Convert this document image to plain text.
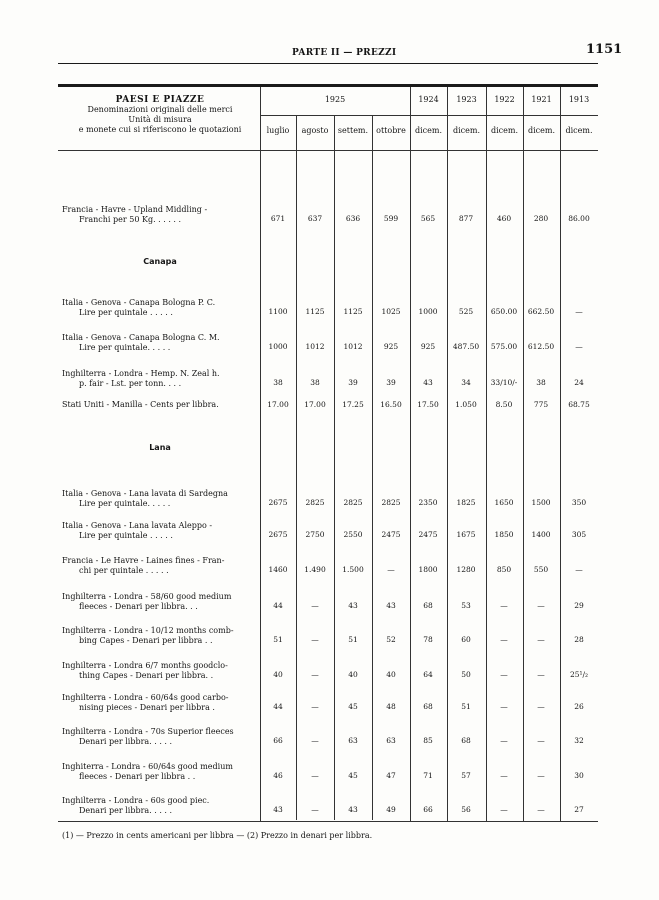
PARTE II — PREZZI	1151
PAESI E PIAZZE
Denominazioni originali delle merci
Unità di misura
e monete cui si riferiscono le quotazioni
1925	1924	1923	1922	1921	1913
luglio	agosto	settem.	ottobre	dicem.	dicem.	dicem.	dicem.	dicem.
Francia - Havre - Upland Middling -
Franchi per 50 Kg. . . . . .	671	637	636	599	565	877	460	280	86.00
Canapa
Italia - Genova - Canapa Bologna P. C.
Lire per quintale . . . . .	1100	1125	1125	1025	1000	525	650.00	662.50	—
Italia - Genova - Canapa Bologna C. M.
Lire per quintale. . . . .	1000	1012	1012	925	925	487.50	575.00	612.50	—
Inghilterra - Londra - Hemp. N. Zeal h.
p. fair - Lst. per tonn. . . .	38	38	39	39	43	34	33/10/-	38	24
Stati Uniti - Manilla - Cents per libbra.	17.00	17.00	17.25	16.50	17.50	1.050	8.50	775	68.75
Lana
Italia - Genova - Lana lavata di Sardegna
Lire per quintale. . . . .	2675	2825	2825	2825	2350	1825	1650	1500	350
Italia - Genova - Lana lavata Aleppo -
Lire per quintale . . . . .	2675	2750	2550	2475	2475	1675	1850	1400	305
Francia - Le Havre - Laines fines - Fran-
chi per quintale . . . . .	1460	1.490	1.500	—	1800	1280	850	550	—
Inghilterra - Londra - 58/60 good medium
fleeces - Denari per libbra. . .	44	—	43	43	68	53	—	—	29
Inghilterra - Londra - 10/12 months comb-
bing Capes - Denari per libbra . .	51	—	51	52	78	60	—	—	28
Inghilterra - Londra 6/7 months goodclo-
thing Capes - Denari per libbra. .	40	—	40	40	64	50	—	—	25¹/₂
Inghilterra - Londra - 60/64s good carbo-
nising pieces - Denari per libbra .	44	—	45	48	68	51	—	—	26
Inghilterra - Londra - 70s Superior fleeces
Denari per libbra. . . . .	66	—	63	63	85	68	—	—	32
Inghiterra - Londra - 60/64s good medium
fleeces - Denari per libbra . .	46	—	45	47	71	57	—	—	30
Inghilterra - Londra - 60s good piec.
Denari per libbra. . . . .	43	—	43	49	66	56	—	—	27
(1) — Prezzo in cents americani per libbra — (2) Prezzo in denari per libbra.
